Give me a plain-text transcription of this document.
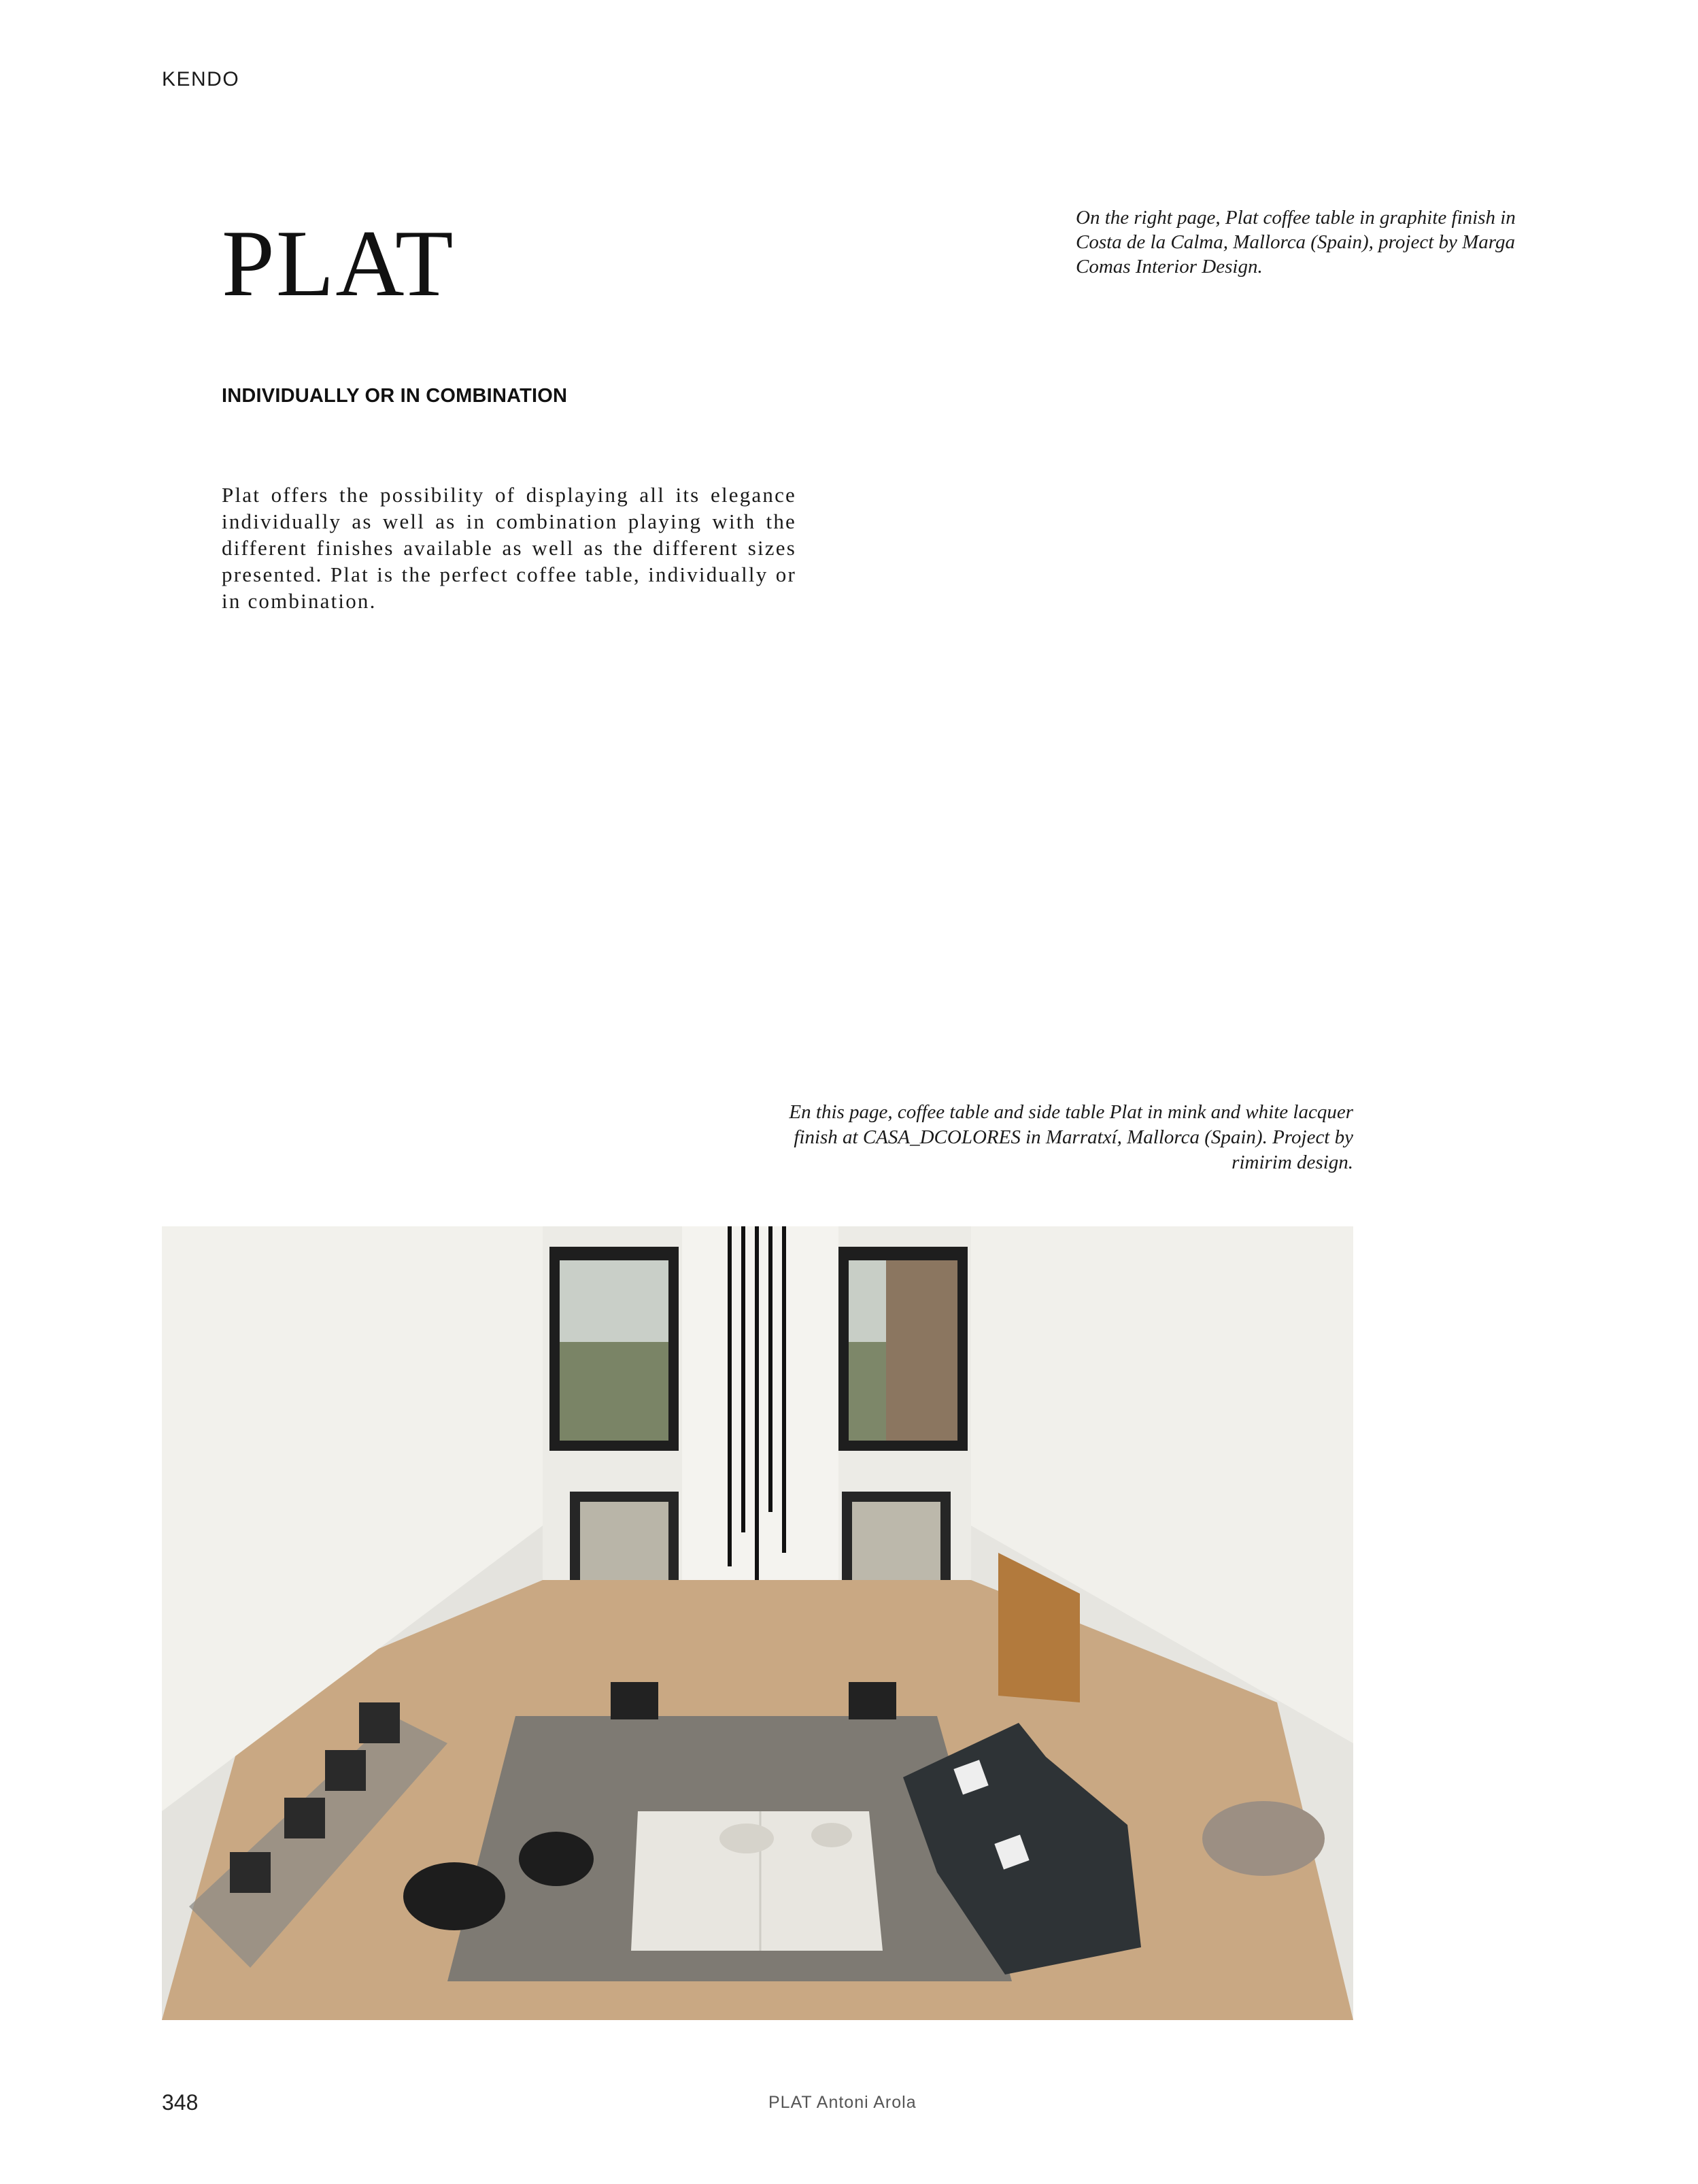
KENDO
PLAT
INDIVIDUALLY OR IN COMBINATION
Plat offers the possibility of displaying all its elegance individually as well as in combination playing with the different finishes available as well as the different sizes presented. Plat is the perfect coffee table, individually or in combination.
On the right page, Plat coffee table in graphite finish in Costa de la Calma, Mallorca (Spain), project by Marga Comas Interior Design.
En this page, coffee table and side table Plat in mink and white lacquer finish at CASA_DCOLORES in Marratxí, Mallorca (Spain). Project by rimirim design.
348	PLAT Antoni Arola
